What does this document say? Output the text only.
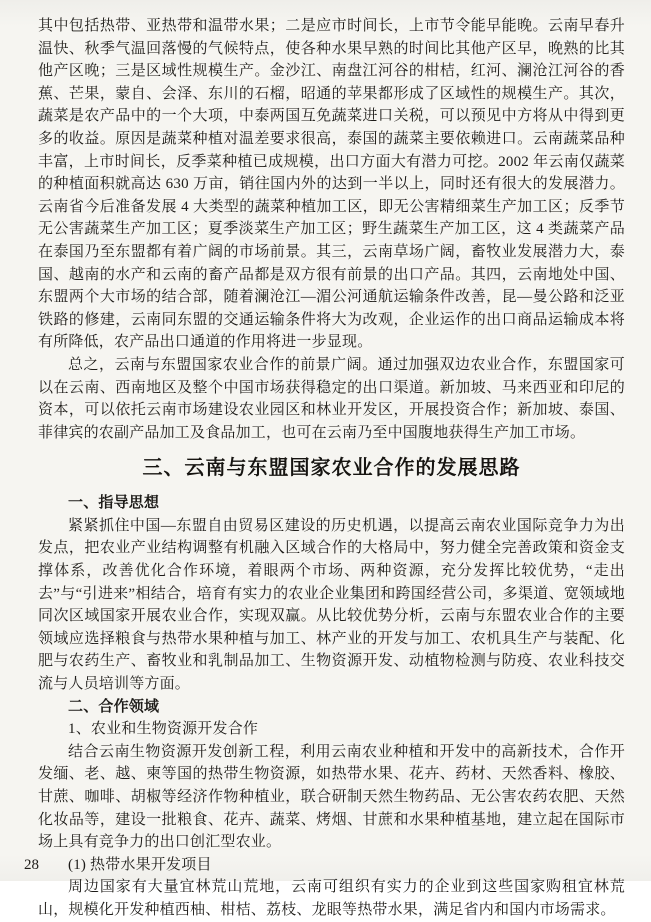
其中包括热带、亚热带和温带水果；二是应市时间长，上市节令能早能晚。云南早春升温快、秋季气温回落慢的气候特点，使各种水果早熟的时间比其他产区早，晚熟的比其他产区晚；三是区域性规模生产。金沙江、南盘江河谷的柑桔，红河、澜沧江河谷的香蕉、芒果，蒙自、会泽、东川的石榴，昭通的苹果都形成了区域性的规模生产。其次，蔬菜是农产品中的一个大项，中泰两国互免蔬菜进口关税，可以预见中方将从中得到更多的收益。原因是蔬菜种植对温差要求很高，泰国的蔬菜主要依赖进口。云南蔬菜品种丰富，上市时间长，反季菜种植已成规模，出口方面大有潜力可挖。2002 年云南仅蔬菜的种植面积就高达 630 万亩，销往国内外的达到一半以上，同时还有很大的发展潜力。云南省今后准备发展 4 大类型的蔬菜种植加工区，即无公害精细菜生产加工区；反季节无公害蔬菜生产加工区；夏季淡菜生产加工区；野生蔬菜生产加工区，这 4 类蔬菜产品在泰国乃至东盟都有着广阔的市场前景。其三，云南草场广阔，畜牧业发展潜力大，泰国、越南的水产和云南的畜产品都是双方很有前景的出口产品。其四，云南地处中国、东盟两个大市场的结合部，随着澜沧江—湄公河通航运输条件改善，昆—曼公路和泛亚铁路的修建，云南同东盟的交通运输条件将大为改观，企业运作的出口商品运输成本将有所降低，农产品出口通道的作用将进一步显现。

总之，云南与东盟国家农业合作的前景广阔。通过加强双边农业合作，东盟国家可以在云南、西南地区及整个中国市场获得稳定的出口渠道。新加坡、马来西亚和印尼的资本，可以依托云南市场建设农业园区和林业开发区，开展投资合作；新加坡、泰国、菲律宾的农副产品加工及食品加工，也可在云南乃至中国腹地获得生产加工市场。

三、云南与东盟国家农业合作的发展思路

一、指导思想

紧紧抓住中国—东盟自由贸易区建设的历史机遇，以提高云南农业国际竞争力为出发点，把农业产业结构调整有机融入区域合作的大格局中，努力健全完善政策和资金支撑体系，改善优化合作环境，着眼两个市场、两种资源，充分发挥比较优势，“走出去”与“引进来”相结合，培育有实力的农业企业集团和跨国经营公司，多渠道、宽领域地同次区域国家开展农业合作，实现双赢。从比较优势分析，云南与东盟农业合作的主要领域应选择粮食与热带水果种植与加工、林产业的开发与加工、农机具生产与装配、化肥与农药生产、畜牧业和乳制品加工、生物资源开发、动植物检测与防疫、农业科技交流与人员培训等方面。

二、合作领域

1、农业和生物资源开发合作

结合云南生物资源开发创新工程，利用云南农业种植和开发中的高新技术，合作开发缅、老、越、柬等国的热带生物资源，如热带水果、花卉、药材、天然香料、橡胶、甘蔗、咖啡、胡椒等经济作物种植业，联合研制天然生物药品、无公害农药农肥、天然化妆品等，建设一批粮食、花卉、蔬菜、烤烟、甘蔗和水果种植基地，建立起在国际市场上具有竞争力的出口创汇型农业。

(1) 热带水果开发项目

周边国家有大量宜林荒山荒地，云南可组织有实力的企业到这些国家购租宜林荒山，规模化开发种植西柚、柑桔、荔枝、龙眼等热带水果，满足省内和国内市场需求。

28
